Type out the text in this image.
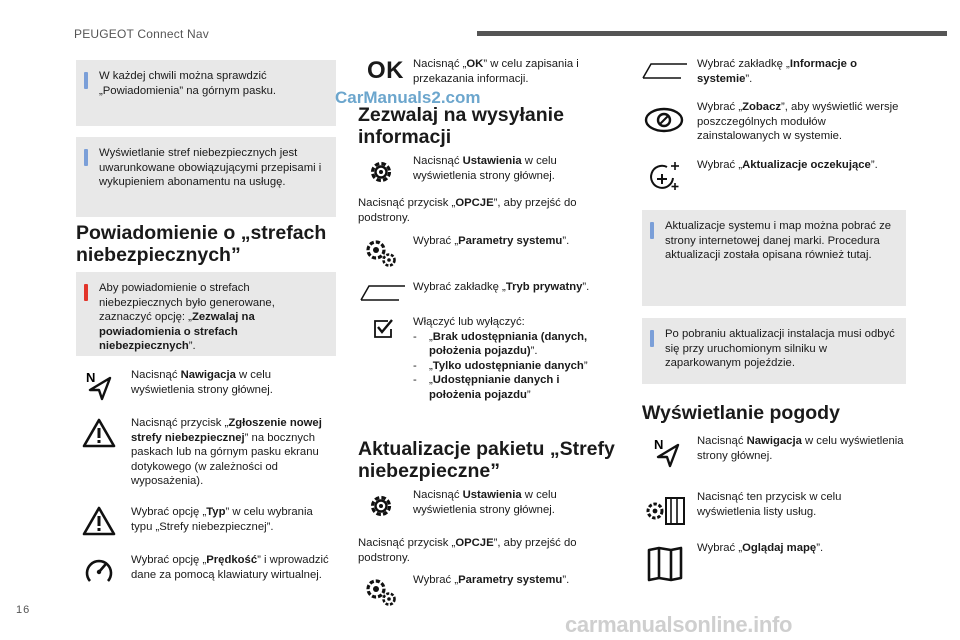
PEUGEOT Connect Nav
16
carmanualsonline.info
W każdej chwili można sprawdzić „Powiadomienia” na górnym pasku.
Wyświetlanie stref niebezpiecznych jest uwarunkowane obowiązującymi przepisami i wykupieniem abonamentu na usługę.
Powiadomienie o „strefach niebezpiecznych”
Aby powiadomienie o strefach niebezpiecznych było generowane, zaznaczyć opcję: „Zezwalaj na powiadomienia o strefach niebezpiecznych”.
N	Nacisnąć Nawigacja w celu wyświetlenia strony głównej.
Nacisnąć przycisk „Zgłoszenie nowej strefy niebezpiecznej” na bocznych paskach lub na górnym pasku ekranu dotykowego (w zależności od wyposażenia).
Wybrać opcję „Typ” w celu wybrania typu „Strefy niebezpiecznej”.
Wybrać opcję „Prędkość” i wprowadzić dane za pomocą klawiatury wirtualnej.
CarManuals2.com
OK Nacisnąć „OK” w celu zapisania i przekazania informacji.
Zezwalaj na wysyłanie informacji
Nacisnąć Ustawienia w celu wyświetlenia strony głównej.
Nacisnąć przycisk „OPCJE”, aby przejść do podstrony.
Wybrać „Parametry systemu”.
Wybrać zakładkę „Tryb prywatny”.
Włączyć lub wyłączyć:
- „Brak udostępniania (danych, położenia pojazdu)”.
- „Tylko udostępnianie danych”
- „Udostępnianie danych i położenia pojazdu”
Aktualizacje pakietu „Strefy niebezpieczne”
Nacisnąć Ustawienia w celu wyświetlenia strony głównej.
Nacisnąć przycisk „OPCJE”, aby przejść do podstrony.
Wybrać „Parametry systemu”.
Wybrać zakładkę „Informacje o systemie”.
Wybrać „Zobacz”, aby wyświetlić wersje poszczególnych modułów zainstalowanych w systemie.
Wybrać „Aktualizacje oczekujące”.
Aktualizacje systemu i map można pobrać ze strony internetowej danej marki. Procedura aktualizacji została opisana również tutaj.
Po pobraniu aktualizacji instalacja musi odbyć się przy uruchomionym silniku w zaparkowanym pojeździe.
Wyświetlanie pogody
N	Nacisnąć Nawigacja w celu wyświetlenia strony głównej.
Nacisnąć ten przycisk w celu wyświetlenia listy usług.
Wybrać „Oglądaj mapę”.
